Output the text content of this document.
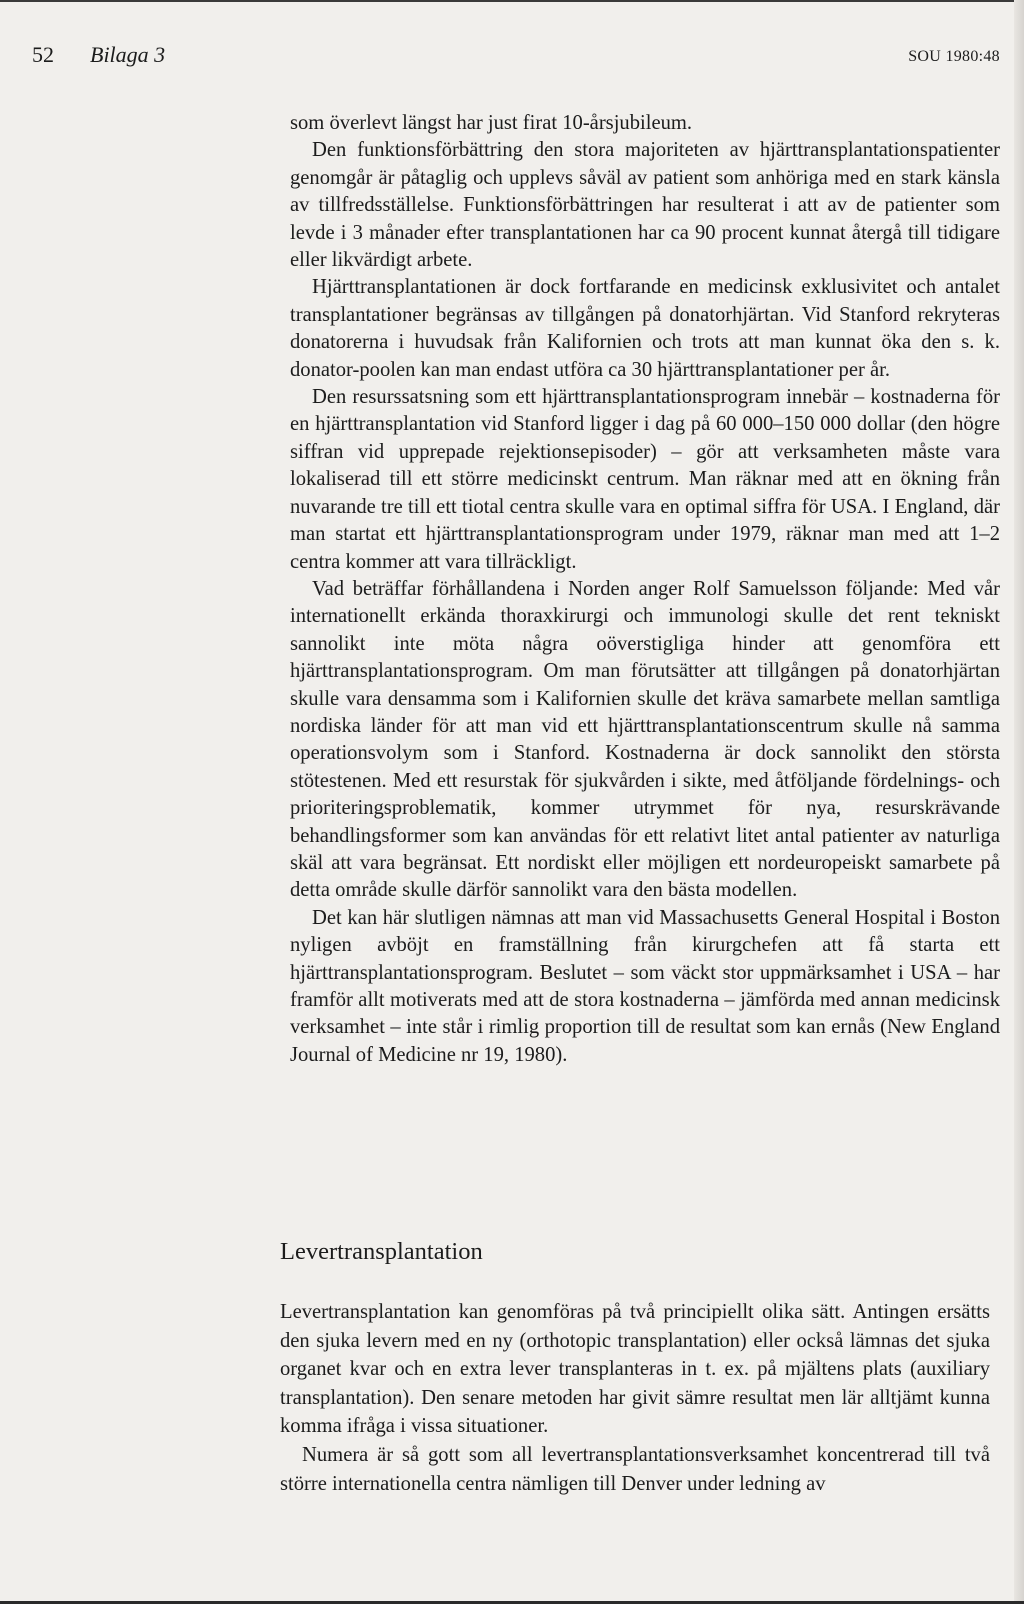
52 Bilaga 3	SOU 1980:48

som överlevt längst har just firat 10-årsjubileum.

Den funktionsförbättring den stora majoriteten av hjärttransplantationspatienter genomgår är påtaglig och upplevs såväl av patient som anhöriga med en stark känsla av tillfredsställelse. Funktionsförbättringen har resulterat i att av de patienter som levde i 3 månader efter transplantationen har ca 90 procent kunnat återgå till tidigare eller likvärdigt arbete.

Hjärttransplantationen är dock fortfarande en medicinsk exklusivitet och antalet transplantationer begränsas av tillgången på donatorhjärtan. Vid Stanford rekryteras donatorerna i huvudsak från Kalifornien och trots att man kunnat öka den s. k. donator-poolen kan man endast utföra ca 30 hjärttransplantationer per år.

Den resurssatsning som ett hjärttransplantationsprogram innebär – kostnaderna för en hjärttransplantation vid Stanford ligger i dag på 60 000–150 000 dollar (den högre siffran vid upprepade rejektionsepisoder) – gör att verksamheten måste vara lokaliserad till ett större medicinskt centrum. Man räknar med att en ökning från nuvarande tre till ett tiotal centra skulle vara en optimal siffra för USA. I England, där man startat ett hjärttransplantationsprogram under 1979, räknar man med att 1–2 centra kommer att vara tillräckligt.

Vad beträffar förhållandena i Norden anger Rolf Samuelsson följande: Med vår internationellt erkända thoraxkirurgi och immunologi skulle det rent tekniskt sannolikt inte möta några oöverstigliga hinder att genomföra ett hjärttransplantationsprogram. Om man förutsätter att tillgången på donatorhjärtan skulle vara densamma som i Kalifornien skulle det kräva samarbete mellan samtliga nordiska länder för att man vid ett hjärttransplantationscentrum skulle nå samma operationsvolym som i Stanford. Kostnaderna är dock sannolikt den största stötestenen. Med ett resurstak för sjukvården i sikte, med åtföljande fördelnings- och prioriteringsproblematik, kommer utrymmet för nya, resurskrävande behandlingsformer som kan användas för ett relativt litet antal patienter av naturliga skäl att vara begränsat. Ett nordiskt eller möjligen ett nordeuropeiskt samarbete på detta område skulle därför sannolikt vara den bästa modellen.

Det kan här slutligen nämnas att man vid Massachusetts General Hospital i Boston nyligen avböjt en framställning från kirurgchefen att få starta ett hjärttransplantationsprogram. Beslutet – som väckt stor uppmärksamhet i USA – har framför allt motiverats med att de stora kostnaderna – jämförda med annan medicinsk verksamhet – inte står i rimlig proportion till de resultat som kan ernås (New England Journal of Medicine nr 19, 1980).

Levertransplantation

Levertransplantation kan genomföras på två principiellt olika sätt. Antingen ersätts den sjuka levern med en ny (orthotopic transplantation) eller också lämnas det sjuka organet kvar och en extra lever transplanteras in t. ex. på mjältens plats (auxiliary transplantation). Den senare metoden har givit sämre resultat men lär alltjämt kunna komma ifråga i vissa situationer.

Numera är så gott som all levertransplantationsverksamhet koncentrerad till två större internationella centra nämligen till Denver under ledning av
